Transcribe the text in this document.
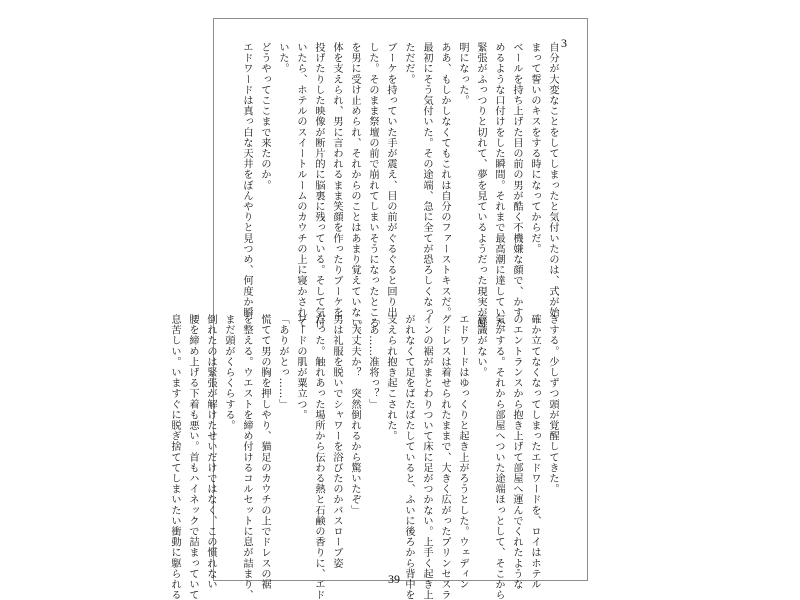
3
自分が大変なことをしてしまったと気付いたのは、式が始
まって誓いのキスをする時になってからだ。
ベールを持ち上げた目の前の男が酷く不機嫌な顔で、かす
めるような口付けをした瞬間。それまで最高潮に達していた
緊張がふっつりと切れて、夢を見ているようだった現実が鮮
明になった。
ああ、もしかしなくてもこれは自分のファーストキスだ。
最初にそう気付いた。その途端、急に全てが恐ろしくなっ
ただだ。
ブーケを持っていた手が震え、目の前がぐるぐると回り出
した。そのまま祭壇の前で崩れてしまいそうになったところ
を男に受け止められ、それからのことはあまり覚えていない。
体を支えられ、男に言われるまま笑顔を作ったりブーケを
投げたりした映像が断片的に脳裏に残っている。そして気付
いたら、ホテルのスイートルームのカウチの上に寝かされて
いた。
どうやってここまで来たのか。
エドワードは真っ白な天井をぼんやりと見つめ、何度か瞬
きする。少しずつ頭が覚醒してきた。
確か立てなくなってしまったエドワードを、ロイはホテル
のエントランスから抱き上げて部屋へ運んでくれたような
気がする。それから部屋へついた途端ほっとして、そこから
意識がない。
エドワードはゆっくりと起き上がろうとした。ウェディン
グドレスは着せられたままで、大きく広がったプリンセスラ
インの裾がまとわりついて床に足がつかない。上手く起き上
がれなくて足をばたばたしていると、ふいに後ろから背中を
支えられ抱き起こされた。
「あ……准将っ？」
「大丈夫か？　突然倒れるから驚いたぞ」
男は礼服を脱いでシャワーを浴びたのかバスローブ姿
だった。触れあった場所から伝わる熱と石鹸の香りに、エド
ワードの肌が粟立つ。
「ありがとっ……」
慌てて男の胸を押しやり、猫足のカウチの上でドレスの裾
を整える。ウエストを締め付けるコルセットに息が詰まり、
まだ頭がくらくらする。
倒れたのは緊張が解けたせいだけではなく、この慣れない
腰を締め上げる下着も悪い。首もハイネックで詰まっていて
息苦しい。いますぐに脱ぎ捨ててしまいたい衝動に駆られる	39
